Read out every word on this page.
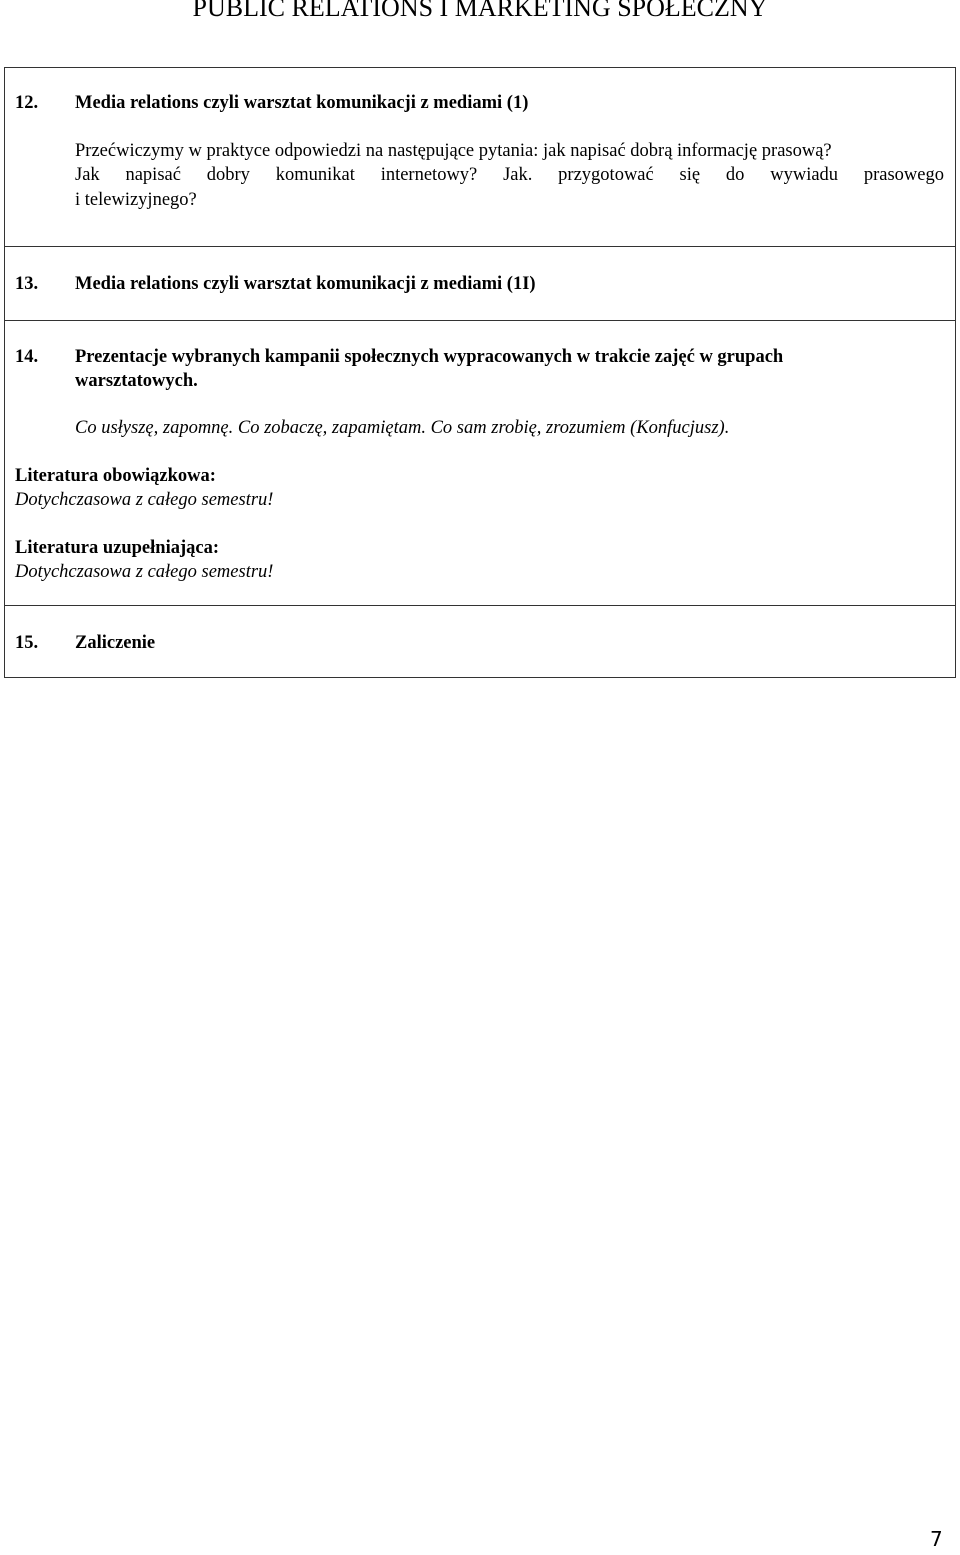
PUBLIC RELATIONS I MARKETING SPOŁECZNY
12.	Media relations czyli warsztat komunikacji z mediami (1)
Przećwiczymy w praktyce odpowiedzi na następujące pytania: jak napisać dobrą informację prasową?
Jak napisać dobry komunikat internetowy? Jak. przygotować się do wywiadu prasowego
i telewizyjnego?
13.	Media relations czyli warsztat komunikacji z mediami (1I)
14.	Prezentacje wybranych kampanii społecznych wypracowanych w trakcie zajęć w grupach
warsztatowych.
Co usłyszę, zapomnę. Co zobaczę, zapamiętam. Co sam zrobię, zrozumiem (Konfucjusz).
Literatura obowiązkowa:
Dotychczasowa z całego semestru!
Literatura uzupełniająca:
Dotychczasowa z całego semestru!
15.	Zaliczenie
7
